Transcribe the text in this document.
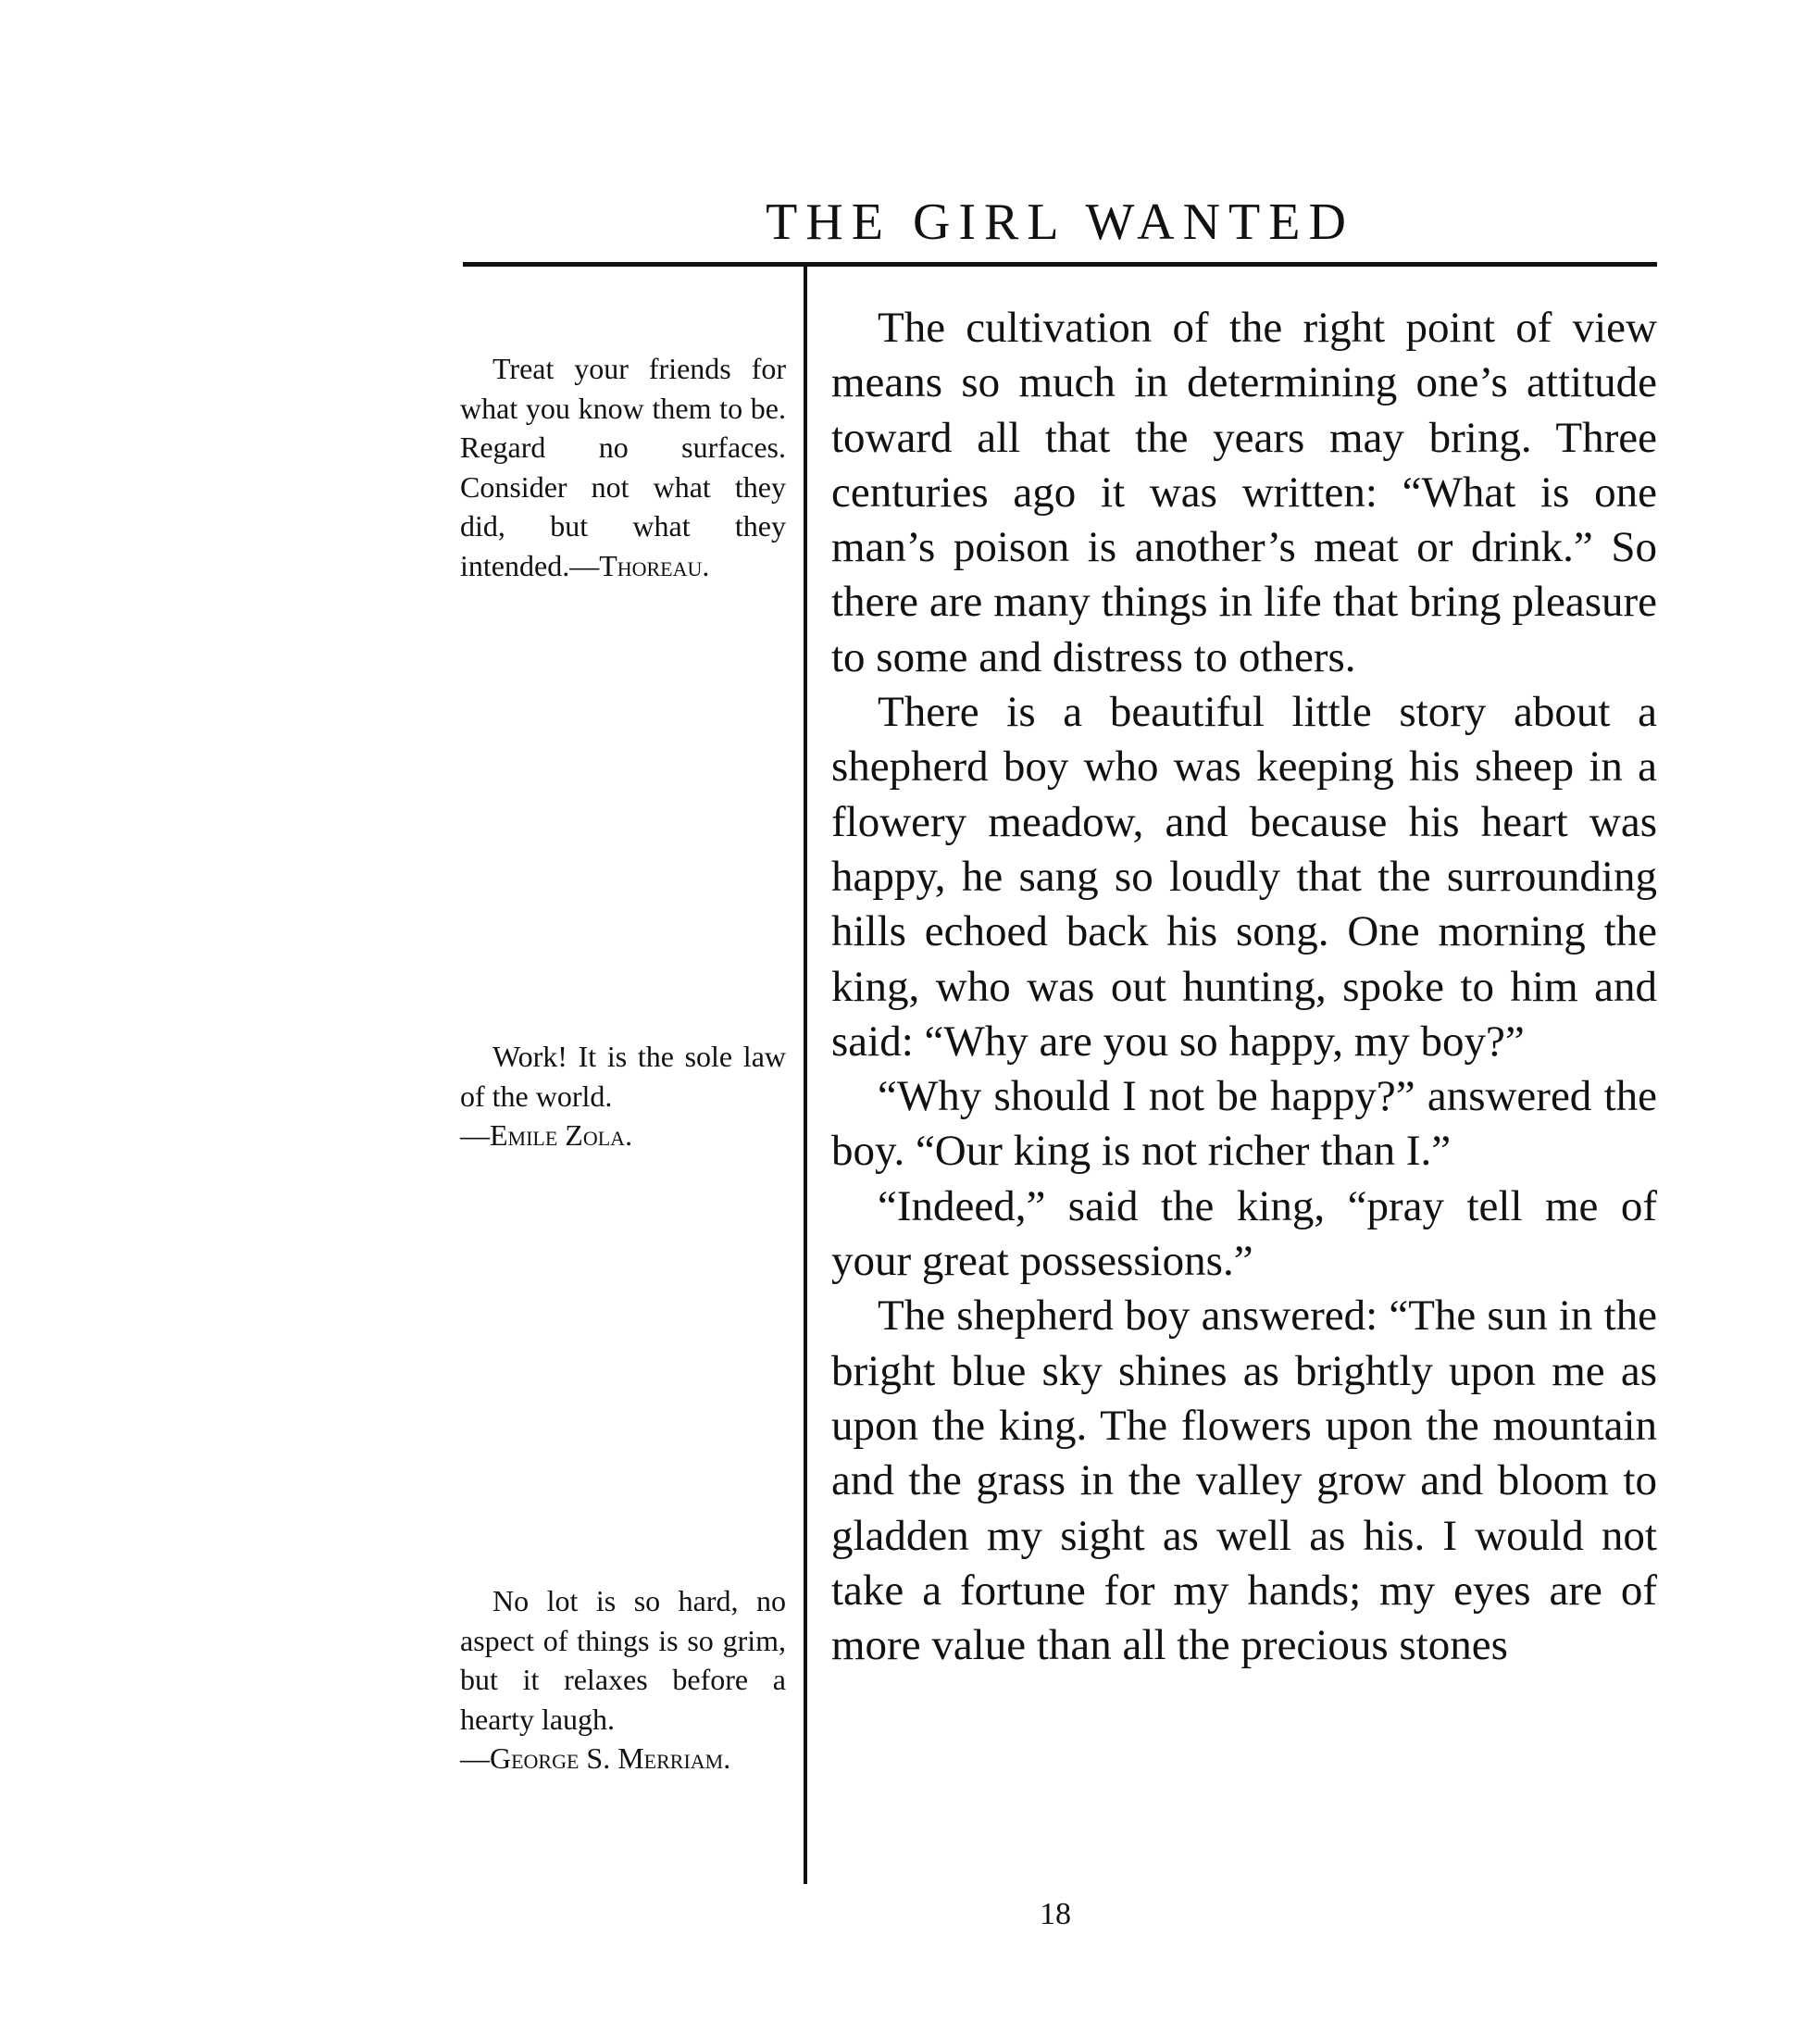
THE GIRL WANTED

Treat your friends for what you know them to be. Regard no surfaces. Consider not what they did, but what they intended.—Thoreau.

Work! It is the sole law of the world.
—Emile Zola.

No lot is so hard, no aspect of things is so grim, but it relaxes before a hearty laugh.
—George S. Merriam.

The cultivation of the right point of view means so much in determining one’s attitude toward all that the years may bring. Three centuries ago it was written: “What is one man’s poison is another’s meat or drink.” So there are many things in life that bring pleasure to some and distress to others.

There is a beautiful little story about a shepherd boy who was keeping his sheep in a flowery meadow, and because his heart was happy, he sang so loudly that the surrounding hills echoed back his song. One morning the king, who was out hunting, spoke to him and said: “Why are you so happy, my boy?”

“Why should I not be happy?” answered the boy. “Our king is not richer than I.”

“Indeed,” said the king, “pray tell me of your great possessions.”

The shepherd boy answered: “The sun in the bright blue sky shines as brightly upon me as upon the king. The flowers upon the mountain and the grass in the valley grow and bloom to gladden my sight as well as his. I would not take a fortune for my hands; my eyes are of more value than all the precious stones

18
